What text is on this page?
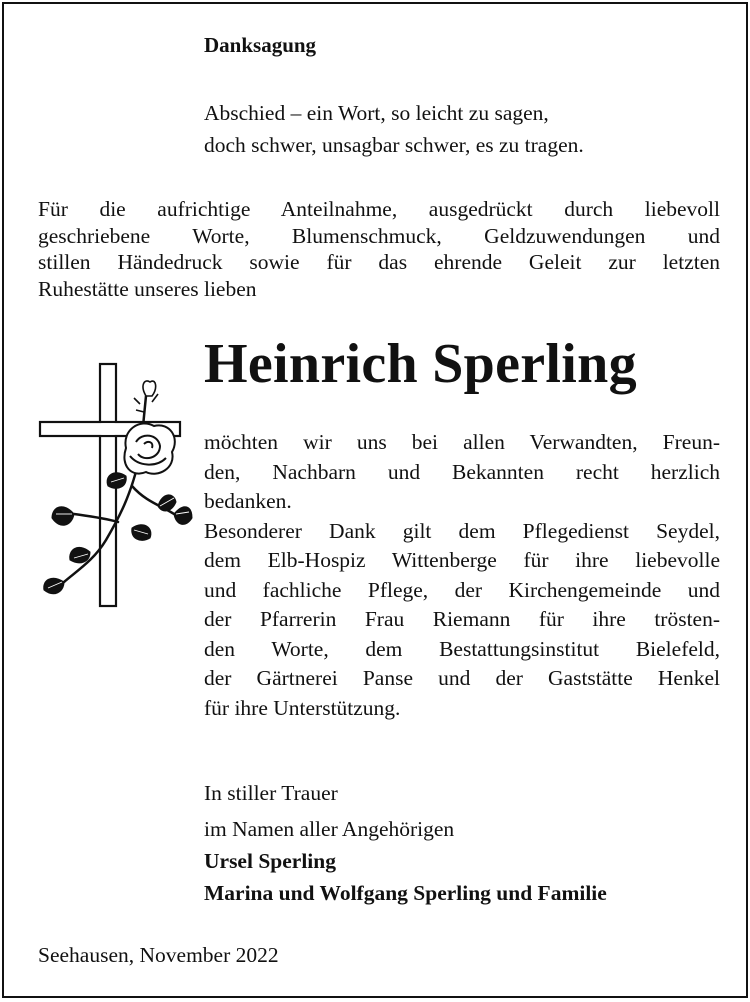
Danksagung
Abschied – ein Wort, so leicht zu sagen,
doch schwer, unsagbar schwer, es zu tragen.
Für die aufrichtige Anteilnahme, ausgedrückt durch liebevoll
geschriebene Worte, Blumenschmuck, Geldzuwendungen und
stillen Händedruck sowie für das ehrende Geleit zur letzten
Ruhestätte unseres lieben
Heinrich Sperling
möchten wir uns bei allen Verwandten, Freun-
den, Nachbarn und Bekannten recht herzlich
bedanken.
Besonderer Dank gilt dem Pflegedienst Seydel,
dem Elb-Hospiz Wittenberge für ihre liebevolle
und fachliche Pflege, der Kirchengemeinde und
der Pfarrerin Frau Riemann für ihre trösten-
den Worte, dem Bestattungsinstitut Bielefeld,
der Gärtnerei Panse und der Gaststätte Henkel
für ihre Unterstützung.
In stiller Trauer
im Namen aller Angehörigen
Ursel Sperling
Marina und Wolfgang Sperling und Familie
Seehausen, November 2022
